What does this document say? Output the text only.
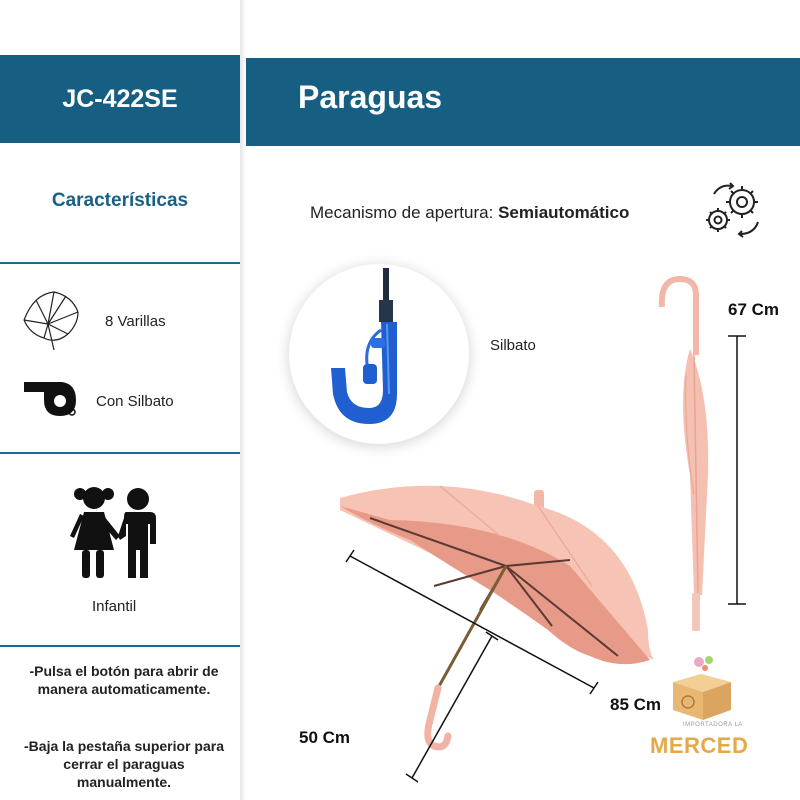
JC-422SE
Características
8 Varillas
Con Silbato
Infantil
-Pulsa el botón para abrir de manera automaticamente.
-Baja la pestaña superior para cerrar el paraguas manualmente.
Paraguas
Mecanismo de apertura: Semiautomático
Silbato
67 Cm
85 Cm
50 Cm
IMPORTADORA LA
MERCED
